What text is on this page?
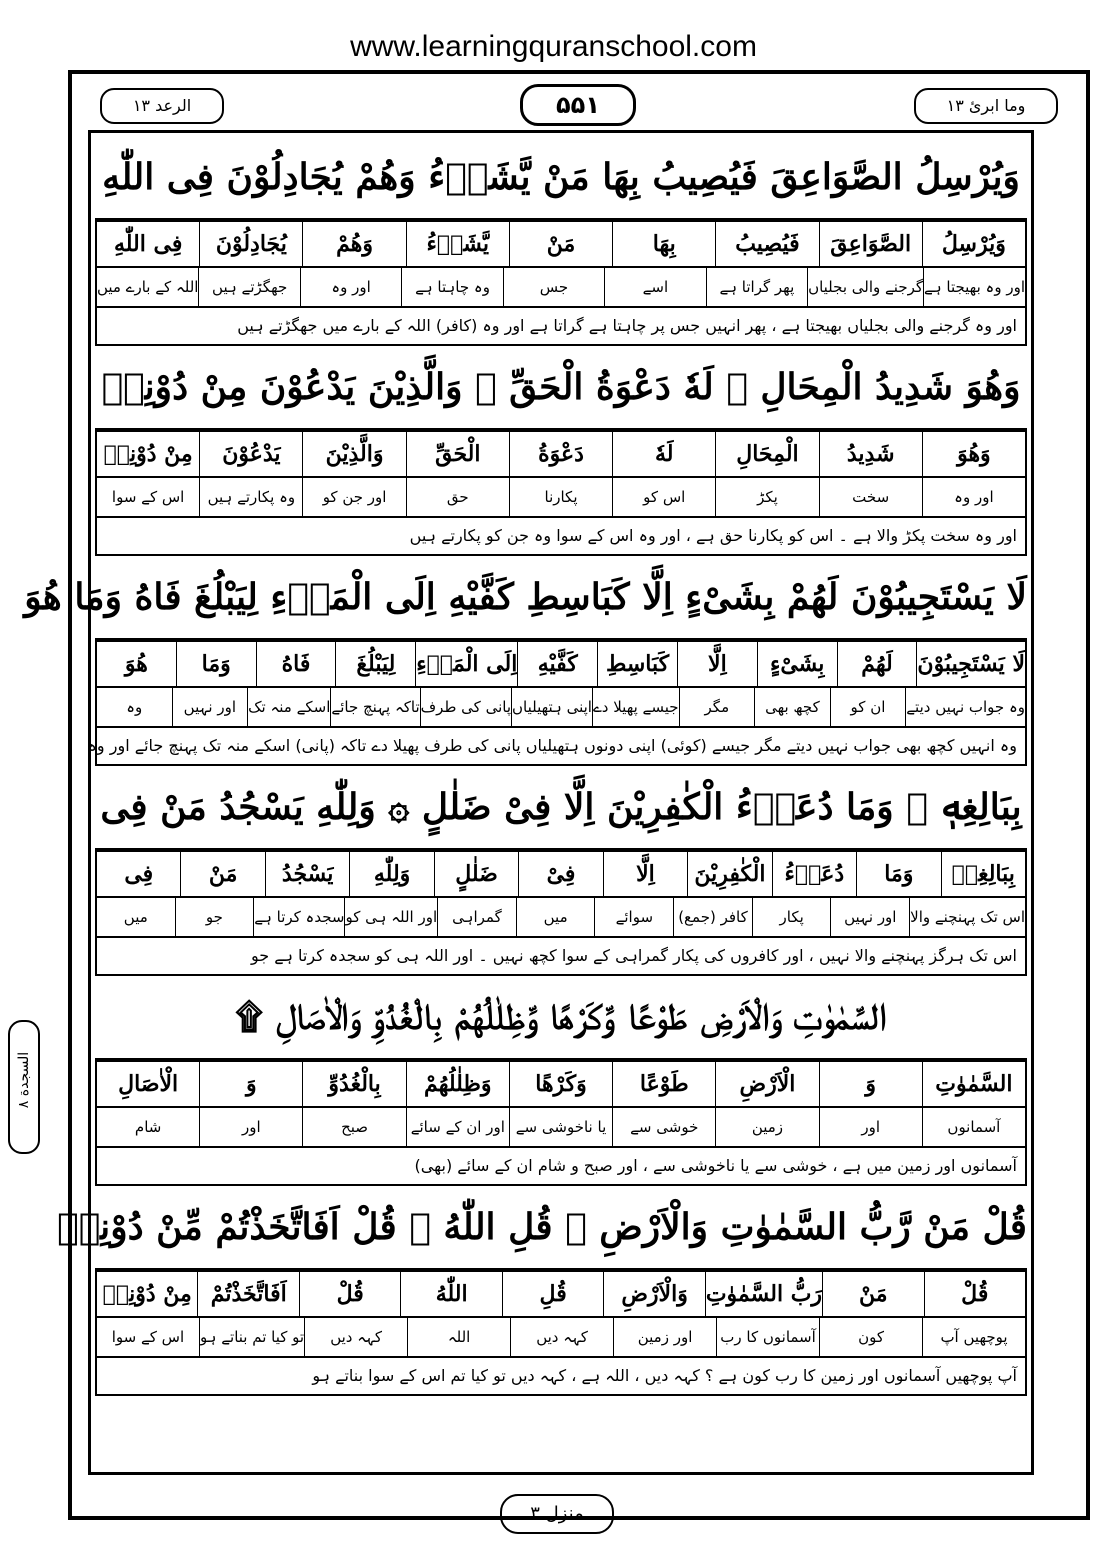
www.learningquranschool.com
الرعد ١٣	۵۵۱	وما ابرئ ١٣
السجدة ٨
وَيُرْسِلُ الصَّوَاعِقَ فَيُصِيبُ بِهَا مَنْ يَّشَاۤءُ وَهُمْ يُجَادِلُوْنَ فِى اللّٰهِ
وَيُرْسِلُ
الصَّوَاعِقَ
فَيُصِيبُ
بِهَا
مَنْ
يَّشَاۤءُ
وَهُمْ
يُجَادِلُوْنَ
فِى اللّٰهِ
اور وہ بھیجتا ہے
گرجنے والی بجلیاں
پھر گراتا ہے
اسے
جس
وہ چاہتا ہے
اور وہ
جھگڑتے ہیں
اللہ کے بارے میں
اور وہ گرجنے والی بجلیاں بھیجتا ہے ، پھر انہیں جس پر چاہتا ہے گراتا ہے اور وہ (کافر) اللہ کے بارے میں جھگڑتے ہیں
وَهُوَ شَدِيدُ الْمِحَالِ ۞ لَهٗ دَعْوَةُ الْحَقِّ ۖ وَالَّذِيْنَ يَدْعُوْنَ مِنْ دُوْنِهٖ
وَهُوَ
شَدِيدُ
الْمِحَالِ
لَهٗ
دَعْوَةُ
الْحَقِّ
وَالَّذِيْنَ
يَدْعُوْنَ
مِنْ دُوْنِهٖ
اور وہ
سخت
پکڑ
اس کو
پکارنا
حق
اور جن کو
وہ پکارتے ہیں
اس کے سوا
اور وہ سخت پکڑ والا ہے ۔ اس کو پکارنا حق ہے ، اور وہ اس کے سوا وہ جن کو پکارتے ہیں
لَا يَسْتَجِيبُوْنَ لَهُمْ بِشَىْءٍ اِلَّا كَبَاسِطِ كَفَّيْهِ اِلَى الْمَاۤءِ لِيَبْلُغَ فَاهُ وَمَا هُوَ
لَا يَسْتَجِيبُوْنَ
لَهُمْ
بِشَىْءٍ
اِلَّا
كَبَاسِطِ
كَفَّيْهِ
اِلَى الْمَاۤءِ
لِيَبْلُغَ
فَاهُ
وَمَا
هُوَ
وہ جواب نہیں دیتے
ان کو
کچھ بھی
مگر
جیسے پھیلا دے
اپنی ہتھیلیاں
پانی کی طرف
تاکہ پہنچ جائے
اسکے منہ تک
اور نہیں
وہ
وہ انہیں کچھ بھی جواب نہیں دیتے مگر جیسے (کوئی) اپنی دونوں ہتھیلیاں پانی کی طرف پھیلا دے تاکہ (پانی) اسکے منہ تک پہنچ جائے اور وہ
بِبَالِغِهٖ ۚ وَمَا دُعَاۤءُ الْكٰفِرِيْنَ اِلَّا فِىْ ضَلٰلٍ ۞ وَلِلّٰهِ يَسْجُدُ مَنْ فِى
بِبَالِغِهٖ
وَمَا
دُعَاۤءُ
الْكٰفِرِيْنَ
اِلَّا
فِىْ
ضَلٰلٍ
وَلِلّٰهِ
يَسْجُدُ
مَنْ
فِى
اس تک پہنچنے والا
اور نہیں
پکار
کافر (جمع)
سوائے
میں
گمراہی
اور اللہ ہی کو
سجدہ کرتا ہے
جو
میں
اس تک ہرگز پہنچنے والا نہیں ، اور کافروں کی پکار گمراہی کے سوا کچھ نہیں ۔ اور اللہ ہی کو سجدہ کرتا ہے جو
السَّمٰوٰتِ وَالْاَرْضِ طَوْعًا وَّكَرْهًا وَّظِلٰلُهُمْ بِالْغُدُوِّ وَالْاٰصَالِ ۩
السَّمٰوٰتِ
وَ
الْاَرْضِ
طَوْعًا
وَكَرْهًا
وَظِلٰلُهُمْ
بِالْغُدُوِّ
وَ
الْاٰصَالِ
آسمانوں
اور
زمین
خوشی سے
یا ناخوشی سے
اور ان کے سائے
صبح
اور
شام
آسمانوں اور زمین میں ہے ، خوشی سے یا ناخوشی سے ، اور صبح و شام ان کے سائے (بھی)
قُلْ مَنْ رَّبُّ السَّمٰوٰتِ وَالْاَرْضِ ۖ قُلِ اللّٰهُ ۖ قُلْ اَفَاتَّخَذْتُمْ مِّنْ دُوْنِهٖ
قُلْ
مَنْ
رَبُّ السَّمٰوٰتِ
وَالْاَرْضِ
قُلِ
اللّٰهُ
قُلْ
اَفَاتَّخَذْتُمْ
مِنْ دُوْنِهٖ
پوچھیں آپ
کون
آسمانوں کا رب
اور زمین
کہہ دیں
اللہ
کہہ دیں
تو کیا تم بناتے ہو
اس کے سوا
آپ پوچھیں آسمانوں اور زمین کا رب کون ہے ؟ کہہ دیں ، اللہ ہے ، کہہ دیں تو کیا تم اس کے سوا بناتے ہو
منزل ٣
